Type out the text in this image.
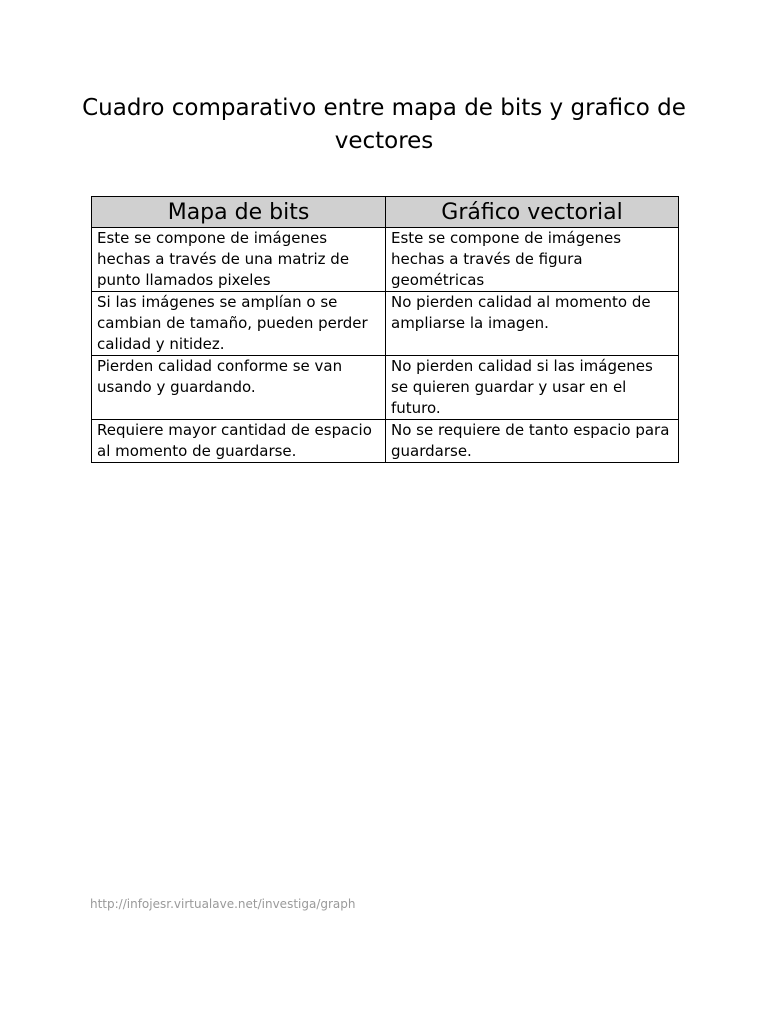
Cuadro comparativo entre mapa de bits y grafico de vectores
Mapa de bits	Gráfico vectorial
Este se compone de imágenes hechas a través de una matriz de punto llamados pixeles	Este se compone de imágenes hechas a través de figura geométricas
Si las imágenes se amplían o se cambian de tamaño, pueden perder calidad y nitidez.	No pierden calidad al momento de ampliarse la imagen.
Pierden calidad conforme se van usando y guardando.	No pierden calidad si las imágenes se quieren guardar y usar en el futuro.
Requiere mayor cantidad de espacio al momento de guardarse.	No se requiere de tanto espacio para guardarse.
http://infojesr.virtualave.net/investiga/graph
